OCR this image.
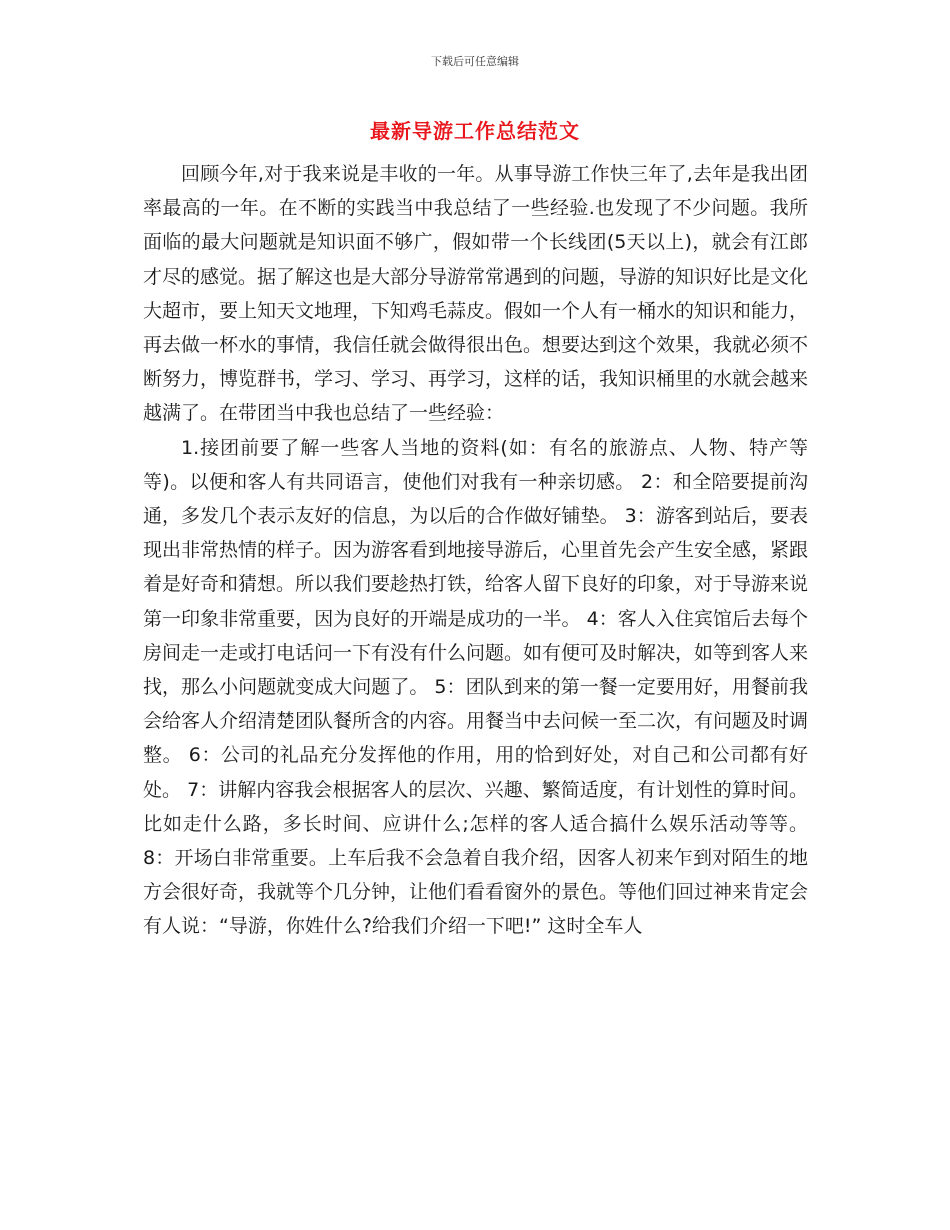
下载后可任意编辑
最新导游工作总结范文

回顾今年,对于我来说是丰收的一年。从事导游工作快三年了,去年是我出团率最高的一年。在不断的实践当中我总结了一些经验.也发现了不少问题。我所面临的最大问题就是知识面不够广，假如带一个长线团(5天以上)，就会有江郎才尽的感觉。据了解这也是大部分导游常常遇到的问题，导游的知识好比是文化大超市，要上知天文地理，下知鸡毛蒜皮。假如一个人有一桶水的知识和能力，再去做一杯水的事情，我信任就会做得很出色。想要达到这个效果，我就必须不断努力，博览群书，学习、学习、再学习，这样的话，我知识桶里的水就会越来越满了。在带团当中我也总结了一些经验：

1.接团前要了解一些客人当地的资料(如：有名的旅游点、人物、特产等等)。以便和客人有共同语言，使他们对我有一种亲切感。 2：和全陪要提前沟通，多发几个表示友好的信息，为以后的合作做好铺垫。 3：游客到站后，要表现出非常热情的样子。因为游客看到地接导游后，心里首先会产生安全感，紧跟着是好奇和猜想。所以我们要趁热打铁，给客人留下良好的印象，对于导游来说第一印象非常重要，因为良好的开端是成功的一半。 4：客人入住宾馆后去每个房间走一走或打电话问一下有没有什么问题。如有便可及时解决，如等到客人来找，那么小问题就变成大问题了。 5：团队到来的第一餐一定要用好，用餐前我会给客人介绍清楚团队餐所含的内容。用餐当中去问候一至二次，有问题及时调整。 6：公司的礼品充分发挥他的作用，用的恰到好处，对自己和公司都有好处。 7：讲解内容我会根据客人的层次、兴趣、繁简适度，有计划性的算时间。比如走什么路，多长时间、应讲什么;怎样的客人适合搞什么娱乐活动等等。 8：开场白非常重要。上车后我不会急着自我介绍，因客人初来乍到对陌生的地方会很好奇，我就等个几分钟，让他们看看窗外的景色。等他们回过神来肯定会有人说：“导游，你姓什么?给我们介绍一下吧!” 这时全车人
